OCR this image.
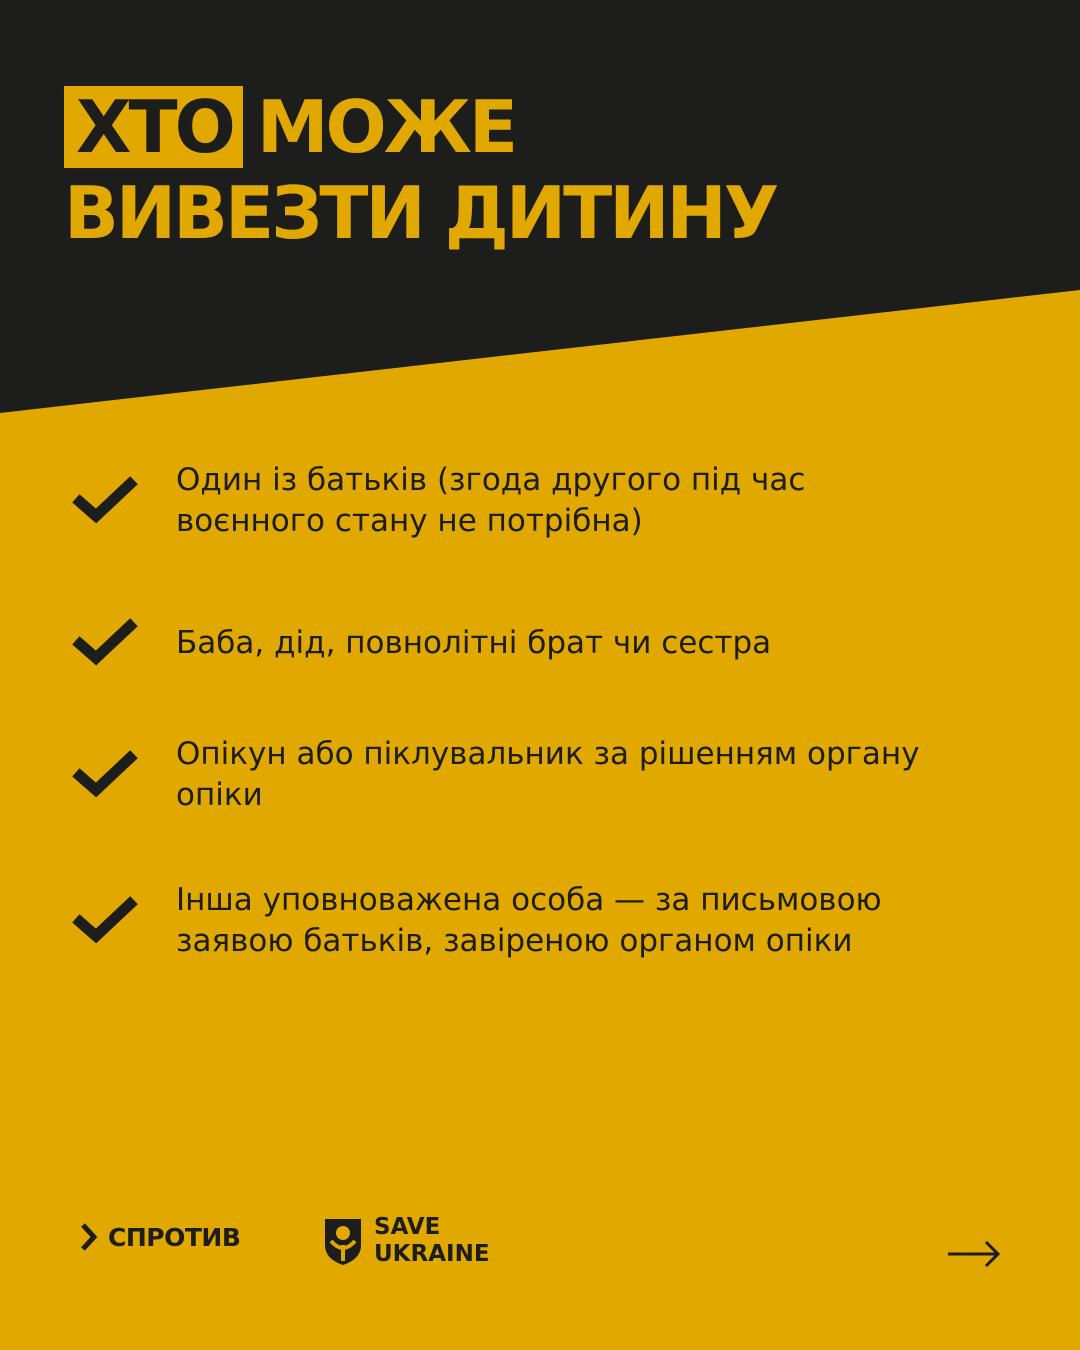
ХТО МОЖЕ
ВИВЕЗТИ ДИТИНУ
Один із батьків (згода другого під час воєнного стану не потрібна)
Баба, дід, повнолітні брат чи сестра
Опікун або піклувальник за рішенням органу опіки
Інша уповноважена особа — за письмовою заявою батьків, завіреною органом опіки
СПРОТИВ	SAVE
UKRAINE
